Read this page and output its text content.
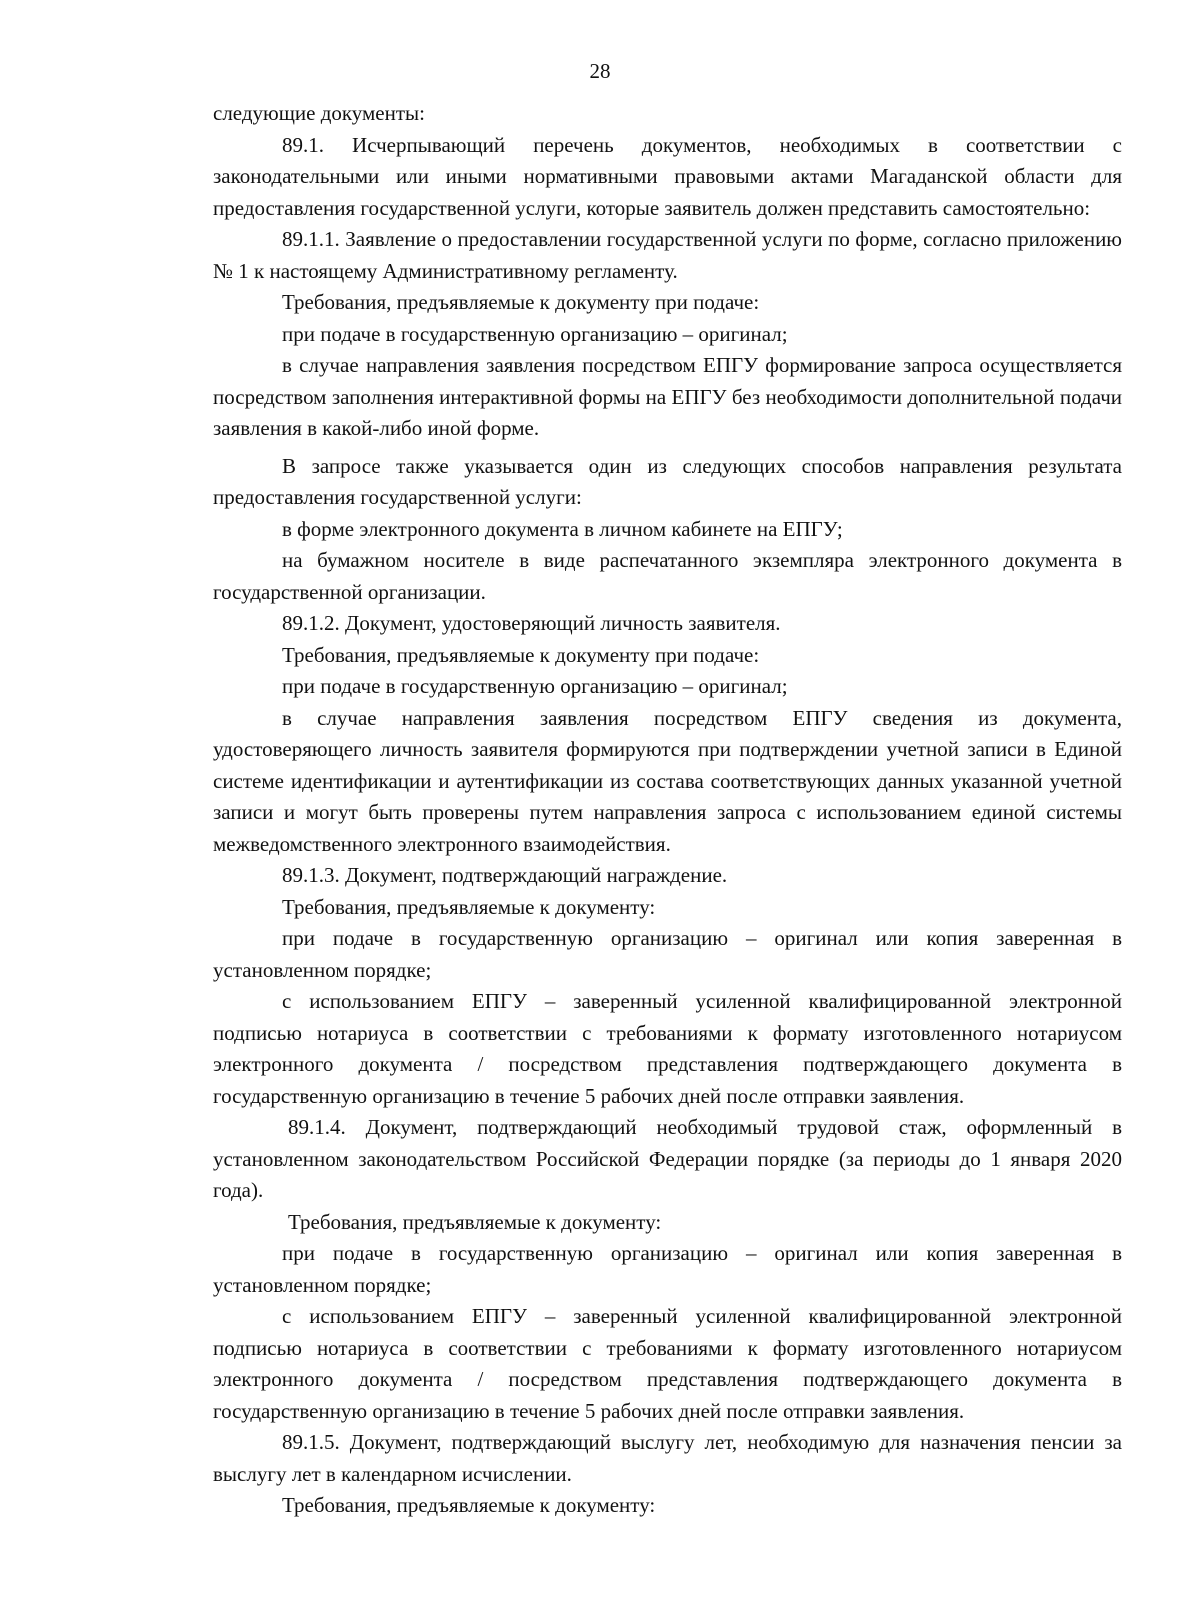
28

следующие документы:

89.1. Исчерпывающий перечень документов, необходимых в соответствии с законодательными или иными нормативными правовыми актами Магаданской области для предоставления государственной услуги, которые заявитель должен представить самостоятельно:

89.1.1. Заявление о предоставлении государственной услуги по форме, согласно приложению № 1 к настоящему Административному регламенту.

Требования, предъявляемые к документу при подаче:

при подаче в государственную организацию – оригинал;

в случае направления заявления посредством ЕПГУ формирование запроса осуществляется посредством заполнения интерактивной формы на ЕПГУ без необходимости дополнительной подачи заявления в какой-либо иной форме.

В запросе также указывается один из следующих способов направления результата предоставления государственной услуги:

в форме электронного документа в личном кабинете на ЕПГУ;

на бумажном носителе в виде распечатанного экземпляра электронного документа в государственной организации.

89.1.2. Документ, удостоверяющий личность заявителя.

Требования, предъявляемые к документу при подаче:

при подаче в государственную организацию – оригинал;

в случае направления заявления посредством ЕПГУ сведения из документа, удостоверяющего личность заявителя формируются при подтверждении учетной записи в Единой системе идентификации и аутентификации из состава соответствующих данных указанной учетной записи и могут быть проверены путем направления запроса с использованием единой системы межведомственного электронного взаимодействия.

89.1.3. Документ, подтверждающий награждение.

Требования, предъявляемые к документу:

при подаче в государственную организацию – оригинал или копия заверенная в установленном порядке;

с использованием ЕПГУ – заверенный усиленной квалифицированной электронной подписью нотариуса в соответствии с требованиями к формату изготовленного нотариусом электронного документа / посредством представления подтверждающего документа в государственную организацию в течение 5 рабочих дней после отправки заявления.

89.1.4. Документ, подтверждающий необходимый трудовой стаж, оформленный в установленном законодательством Российской Федерации порядке (за периоды до 1 января 2020 года).

Требования, предъявляемые к документу:

при подаче в государственную организацию – оригинал или копия заверенная в установленном порядке;

с использованием ЕПГУ – заверенный усиленной квалифицированной электронной подписью нотариуса в соответствии с требованиями к формату изготовленного нотариусом электронного документа / посредством представления подтверждающего документа в государственную организацию в течение 5 рабочих дней после отправки заявления.

89.1.5. Документ, подтверждающий выслугу лет, необходимую для назначения пенсии за выслугу лет в календарном исчислении.

Требования, предъявляемые к документу:
